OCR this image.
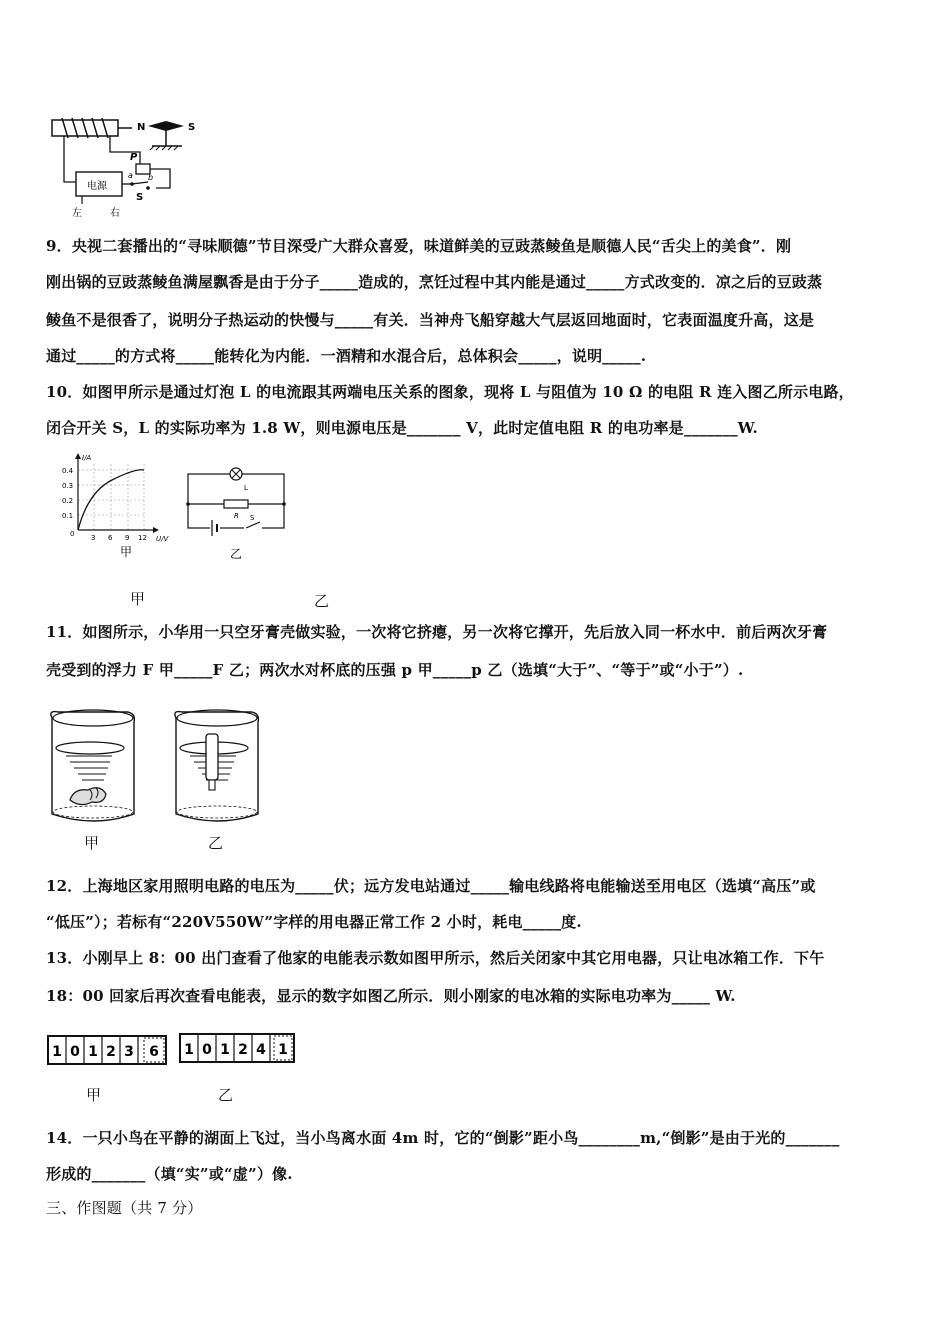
N	S
P
a b
S
电源
左	右
9．央视二套播出的“寻味顺德”节目深受广大群众喜爱，味道鲜美的豆豉蒸鲮鱼是顺德人民“舌尖上的美食”．刚
刚出锅的豆豉蒸鲮鱼满屋飘香是由于分子_____造成的，烹饪过程中其内能是通过_____方式改变的．凉之后的豆豉蒸
鲮鱼不是很香了，说明分子热运动的快慢与_____有关．当神舟飞船穿越大气层返回地面时，它表面温度升高，这是
通过_____的方式将_____能转化为内能．一酒精和水混合后，总体积会_____，说明_____.
10．如图甲所示是通过灯泡 L 的电流跟其两端电压关系的图象，现将 L 与阻值为 10 Ω 的电阻 R 连入图乙所示电路，
闭合开关 S，L 的实际功率为 1.8 W，则电源电压是_______ V，此时定值电阻 R 的电功率是_______W.
I/A
U/V
0.4
0.3
0.2
0.1
0 3 6 9 12
甲
L
R S
乙
甲	乙
11．如图所示，小华用一只空牙膏壳做实验，一次将它挤瘪，另一次将它撑开，先后放入同一杯水中．前后两次牙膏
壳受到的浮力 F 甲_____F 乙；两次水对杯底的压强 p 甲_____p 乙（选填“大于”、“等于”或“小于”）.
甲	乙
12．上海地区家用照明电路的电压为_____伏；远方发电站通过_____输电线路将电能输送至用电区（选填“高压”或
“低压”）；若标有“220V550W”字样的用电器正常工作 2 小时，耗电_____度.
13．小刚早上 8：00 出门查看了他家的电能表示数如图甲所示，然后关闭家中其它用电器，只让电冰箱工作．下午
18：00 回家后再次查看电能表，显示的数字如图乙所示．则小刚家的电冰箱的实际电功率为_____ W.
1 0 1 2 3 6 1 0 1 2 4 1
甲	乙
14．一只小鸟在平静的湖面上飞过，当小鸟离水面 4m 时，它的“倒影”距小鸟________m,“倒影”是由于光的_______
形成的_______（填“实”或“虚”）像.
三、作图题（共 7 分）
